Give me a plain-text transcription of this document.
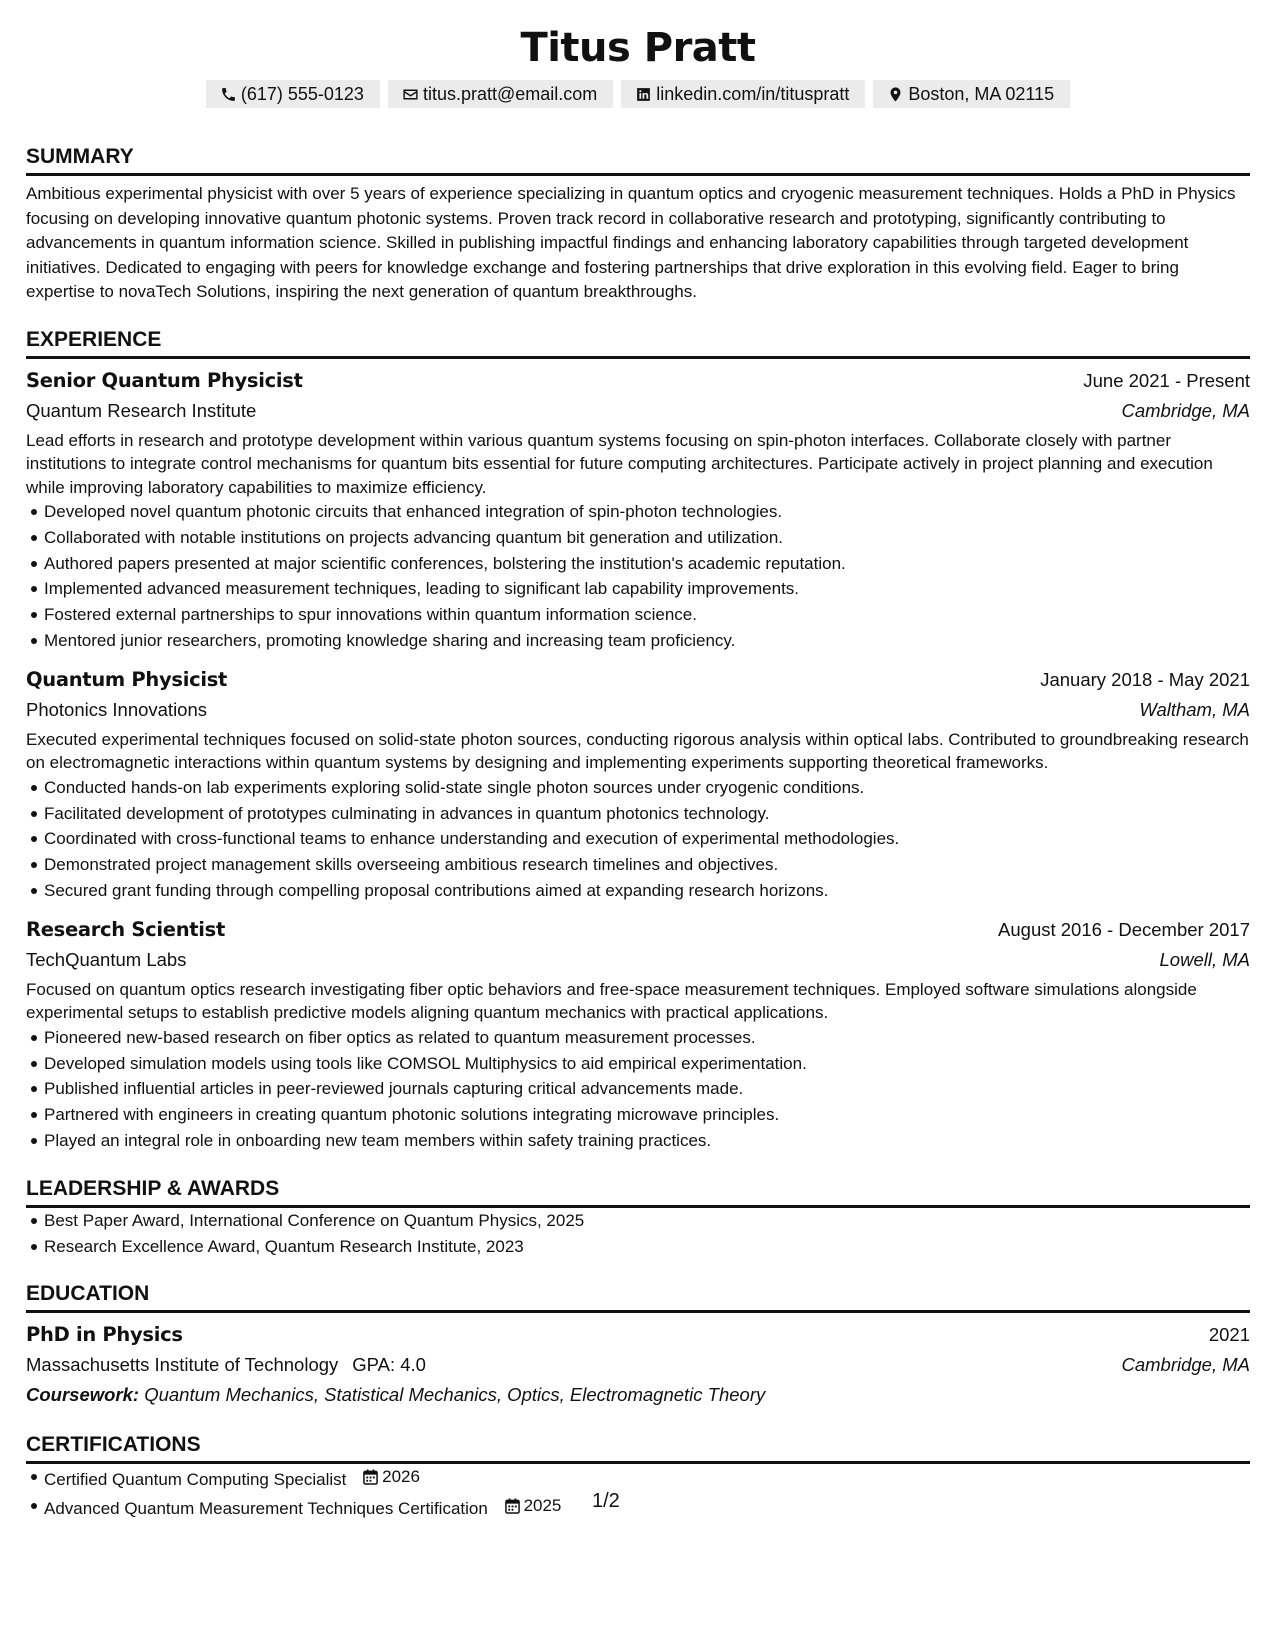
Titus Pratt
(617) 555-0123	titus.pratt@email.com	linkedin.com/in/tituspratt	Boston, MA 02115
SUMMARY
Ambitious experimental physicist with over 5 years of experience specializing in quantum optics and cryogenic measurement techniques. Holds a PhD in Physics focusing on developing innovative quantum photonic systems. Proven track record in collaborative research and prototyping, significantly contributing to advancements in quantum information science. Skilled in publishing impactful findings and enhancing laboratory capabilities through targeted development initiatives. Dedicated to engaging with peers for knowledge exchange and fostering partnerships that drive exploration in this evolving field. Eager to bring expertise to novaTech Solutions, inspiring the next generation of quantum breakthroughs.
EXPERIENCE
Senior Quantum Physicist	June 2021 - Present
Quantum Research Institute	Cambridge, MA
Lead efforts in research and prototype development within various quantum systems focusing on spin-photon interfaces. Collaborate closely with partner institutions to integrate control mechanisms for quantum bits essential for future computing architectures. Participate actively in project planning and execution while improving laboratory capabilities to maximize efficiency.
Developed novel quantum photonic circuits that enhanced integration of spin-photon technologies.
Collaborated with notable institutions on projects advancing quantum bit generation and utilization.
Authored papers presented at major scientific conferences, bolstering the institution's academic reputation.
Implemented advanced measurement techniques, leading to significant lab capability improvements.
Fostered external partnerships to spur innovations within quantum information science.
Mentored junior researchers, promoting knowledge sharing and increasing team proficiency.
Quantum Physicist	January 2018 - May 2021
Photonics Innovations	Waltham, MA
Executed experimental techniques focused on solid-state photon sources, conducting rigorous analysis within optical labs. Contributed to groundbreaking research on electromagnetic interactions within quantum systems by designing and implementing experiments supporting theoretical frameworks.
Conducted hands-on lab experiments exploring solid-state single photon sources under cryogenic conditions.
Facilitated development of prototypes culminating in advances in quantum photonics technology.
Coordinated with cross-functional teams to enhance understanding and execution of experimental methodologies.
Demonstrated project management skills overseeing ambitious research timelines and objectives.
Secured grant funding through compelling proposal contributions aimed at expanding research horizons.
Research Scientist	August 2016 - December 2017
TechQuantum Labs	Lowell, MA
Focused on quantum optics research investigating fiber optic behaviors and free-space measurement techniques. Employed software simulations alongside experimental setups to establish predictive models aligning quantum mechanics with practical applications.
Pioneered new-based research on fiber optics as related to quantum measurement processes.
Developed simulation models using tools like COMSOL Multiphysics to aid empirical experimentation.
Published influential articles in peer-reviewed journals capturing critical advancements made.
Partnered with engineers in creating quantum photonic solutions integrating microwave principles.
Played an integral role in onboarding new team members within safety training practices.
LEADERSHIP & AWARDS
Best Paper Award, International Conference on Quantum Physics, 2025
Research Excellence Award, Quantum Research Institute, 2023
EDUCATION
PhD in Physics	2021
Massachusetts Institute of Technology GPA: 4.0	Cambridge, MA
Coursework: Quantum Mechanics, Statistical Mechanics, Optics, Electromagnetic Theory
CERTIFICATIONS
Certified Quantum Computing Specialist 2026
Advanced Quantum Measurement Techniques Certification 2025 1/2
